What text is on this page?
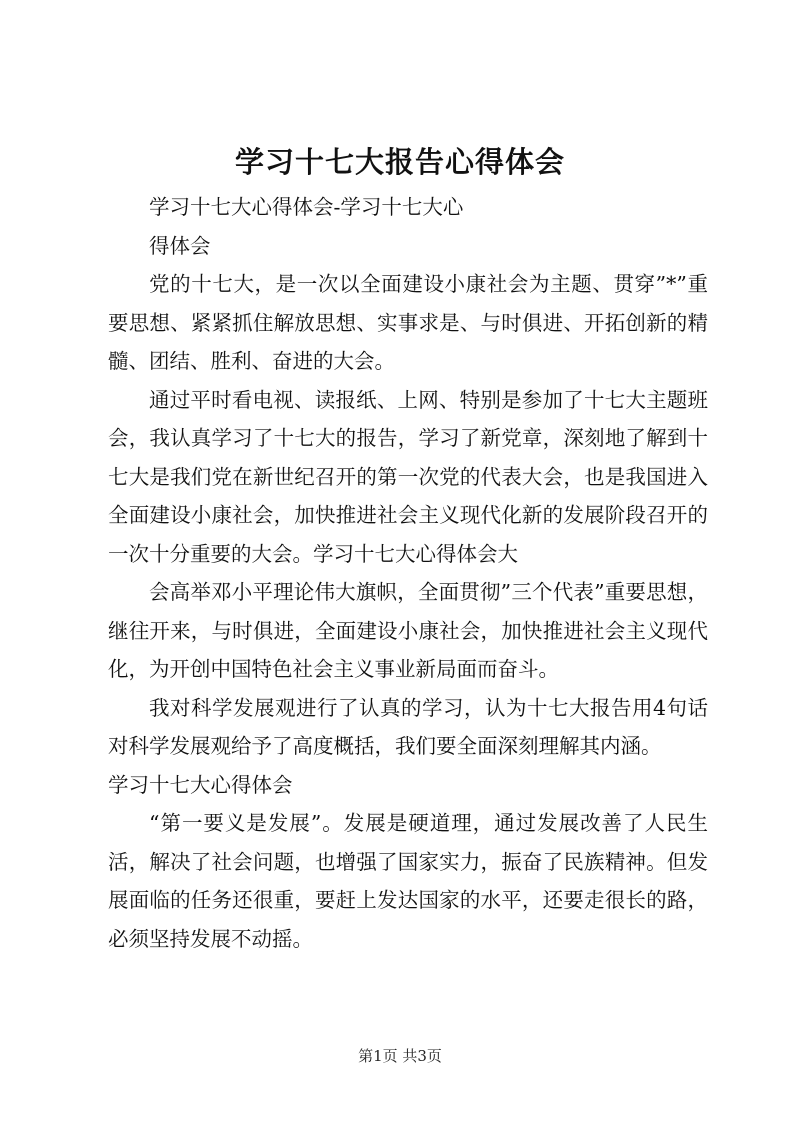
学习十七大报告心得体会

学习十七大心得体会-学习十七大心

得体会

党的十七大，是一次以全面建设小康社会为主题、贯穿”*”重要思想、紧紧抓住解放思想、实事求是、与时俱进、开拓创新的精髓、团结、胜利、奋进的大会。

通过平时看电视、读报纸、上网、特别是参加了十七大主题班会，我认真学习了十七大的报告，学习了新党章，深刻地了解到十七大是我们党在新世纪召开的第一次党的代表大会，也是我国进入全面建设小康社会，加快推进社会主义现代化新的发展阶段召开的一次十分重要的大会。学习十七大心得体会大

会高举邓小平理论伟大旗帜，全面贯彻”三个代表”重要思想，继往开来，与时俱进，全面建设小康社会，加快推进社会主义现代化，为开创中国特色社会主义事业新局面而奋斗。

我对科学发展观进行了认真的学习，认为十七大报告用4句话对科学发展观给予了高度概括，我们要全面深刻理解其内涵。

学习十七大心得体会

“第一要义是发展”。发展是硬道理，通过发展改善了人民生活，解决了社会问题，也增强了国家实力，振奋了民族精神。但发展面临的任务还很重，要赶上发达国家的水平，还要走很长的路，必须坚持发展不动摇。

第1页 共3页
